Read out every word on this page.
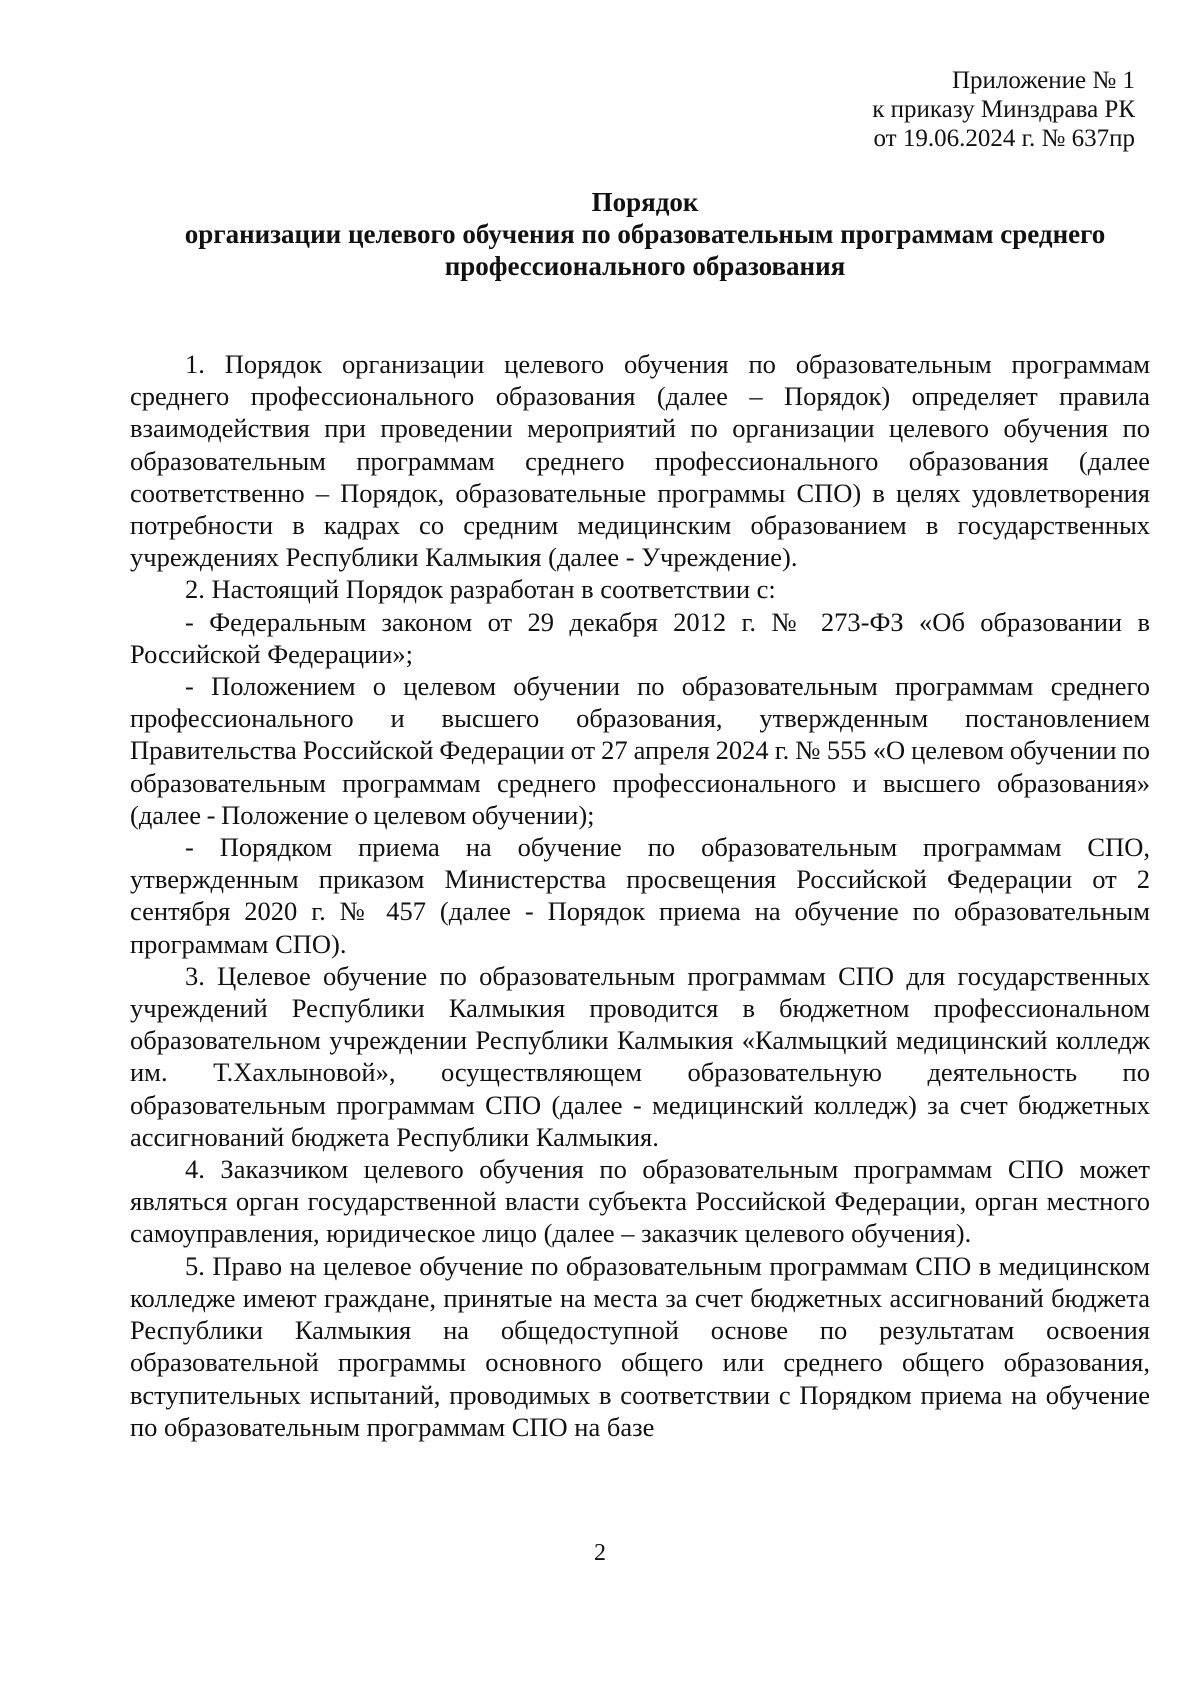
Приложение № 1
к приказу Минздрава РК
от 19.06.2024 г. № 637пр
Порядок
организации целевого обучения по образовательным программам среднего
профессионального образования

1. Порядок организации целевого обучения по образовательным программам среднего профессионального образования (далее – Порядок) определяет правила взаимодействия при проведении мероприятий по организации целевого обучения по образовательным программам среднего профессионального образования (далее соответственно – Порядок, образовательные программы СПО) в целях удовлетворения потребности в кадрах со средним медицинским образованием в государственных учреждениях Республики Калмыкия (далее - Учреждение).

2. Настоящий Порядок разработан в соответствии с:

- Федеральным законом от 29 декабря 2012 г. № 273-ФЗ «Об образовании в Российской Федерации»;

- Положением о целевом обучении по образовательным программам среднего профессионального и высшего образования, утвержденным постановлением Правительства Российской Федерации от 27 апреля 2024 г. № 555 «О целевом обучении по образовательным программам среднего профессионального и высшего образования» (далее - Положение о целевом обучении);

- Порядком приема на обучение по образовательным программам СПО, утвержденным приказом Министерства просвещения Российской Федерации от 2 сентября 2020 г. № 457 (далее - Порядок приема на обучение по образовательным программам СПО).

3. Целевое обучение по образовательным программам СПО для государственных учреждений Республики Калмыкия проводится в бюджетном профессиональном образовательном учреждении Республики Калмыкия «Калмыцкий медицинский колледж им. Т.Хахлыновой», осуществляющем образовательную деятельность по образовательным программам СПО (далее - медицинский колледж) за счет бюджетных ассигнований бюджета Республики Калмыкия.

4. Заказчиком целевого обучения по образовательным программам СПО может являться орган государственной власти субъекта Российской Федерации, орган местного самоуправления, юридическое лицо (далее – заказчик целевого обучения).

5. Право на целевое обучение по образовательным программам СПО в медицинском колледже имеют граждане, принятые на места за счет бюджетных ассигнований бюджета Республики Калмыкия на общедоступной основе по результатам освоения образовательной программы основного общего или среднего общего образования, вступительных испытаний, проводимых в соответствии с Порядком приема на обучение по образовательным программам СПО на базе

2
